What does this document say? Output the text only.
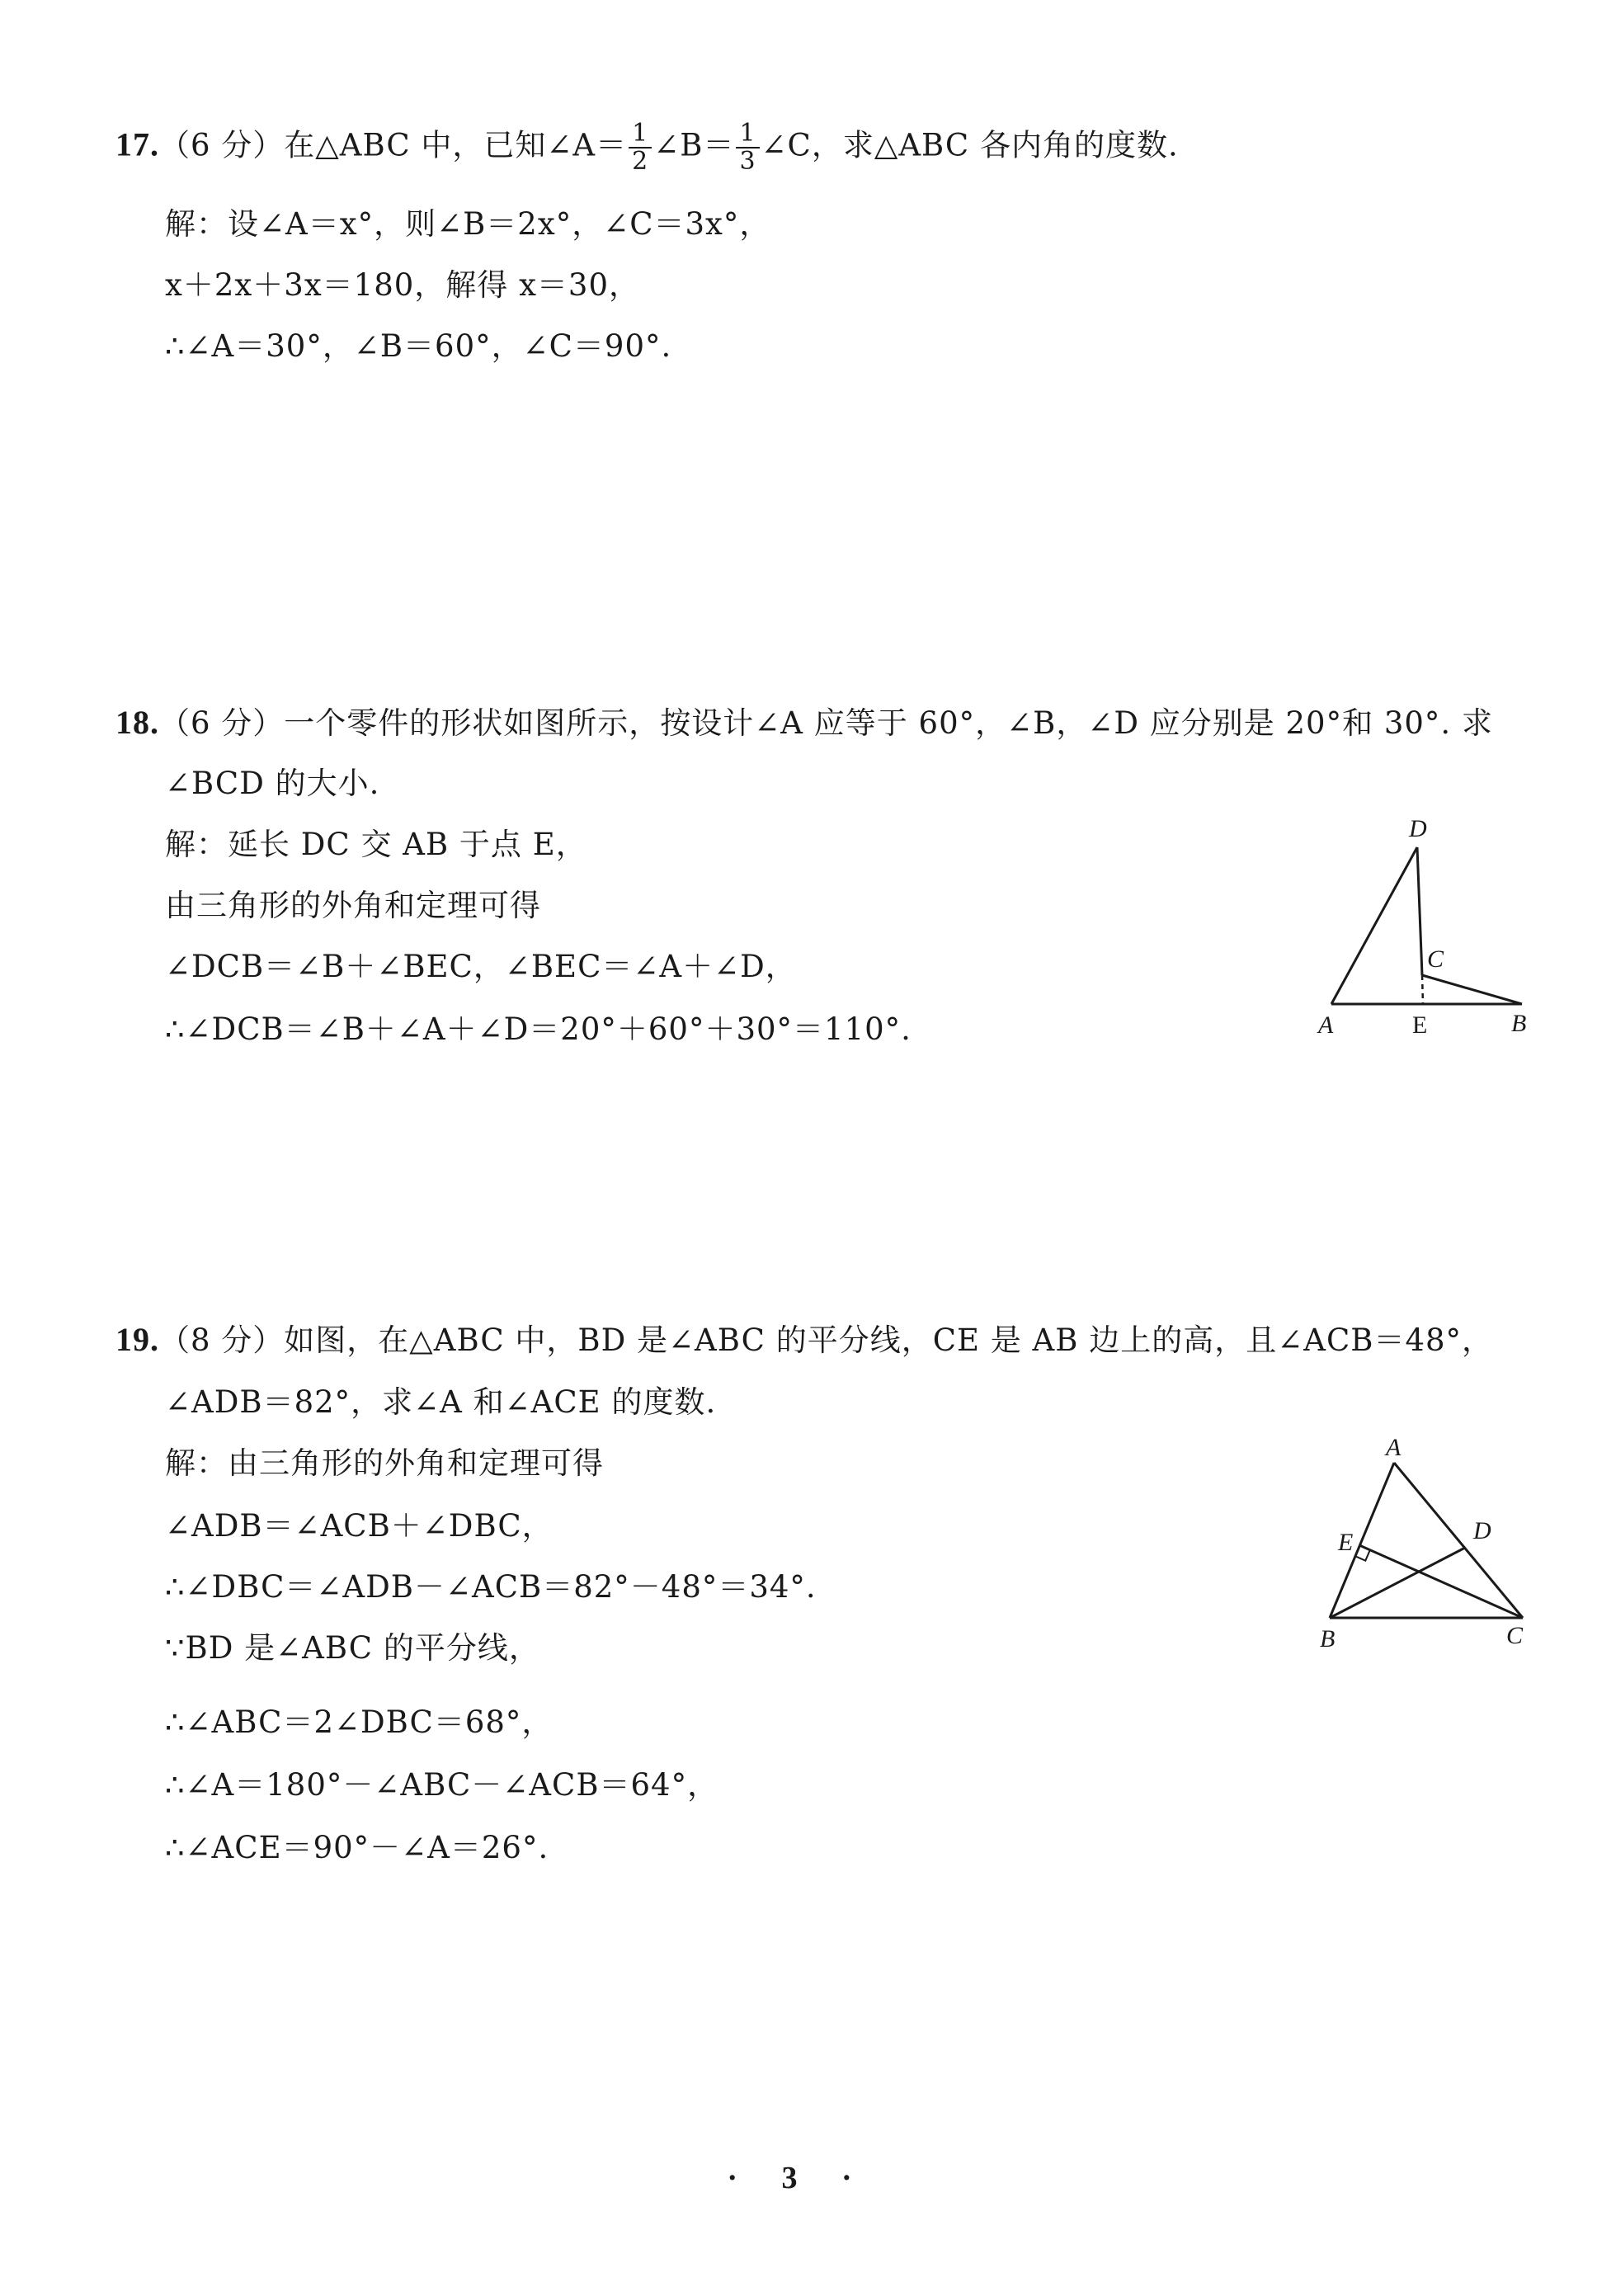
17.（6 分）在△ABC 中，已知∠A＝ $\frac{1}{2}$ ∠B＝ $\frac{1}{3}$ ∠C，求△ABC 各内角的度数.
解：设∠A＝x°，则∠B＝2x°，∠C＝3x°，
x＋2x＋3x＝180，解得 x＝30，
∴∠A＝30°，∠B＝60°，∠C＝90°.
18.（6 分）一个零件的形状如图所示，按设计∠A 应等于 60°，∠B，∠D 应分别是 20°和 30°. 求
∠BCD 的大小.
解：延长 DC 交 AB 于点 E，
由三角形的外角和定理可得
∠DCB＝∠B＋∠BEC，∠BEC＝∠A＋∠D，
∴∠DCB＝∠B＋∠A＋∠D＝20°＋60°＋30°＝110°.
D
C
A	E	B
19.（8 分）如图，在△ABC 中，BD 是∠ABC 的平分线，CE 是 AB 边上的高，且∠ACB＝48°，
∠ADB＝82°，求∠A 和∠ACE 的度数.
解：由三角形的外角和定理可得
∠ADB＝∠ACB＋∠DBC，
∴∠DBC＝∠ADB－∠ACB＝82°－48°＝34°.
∵BD 是∠ABC 的平分线，
∴∠ABC＝2∠DBC＝68°，
∴∠A＝180°－∠ABC－∠ACB＝64°，
∴∠ACE＝90°－∠A＝26°.
A
D
E
B	C
· 3 ·
